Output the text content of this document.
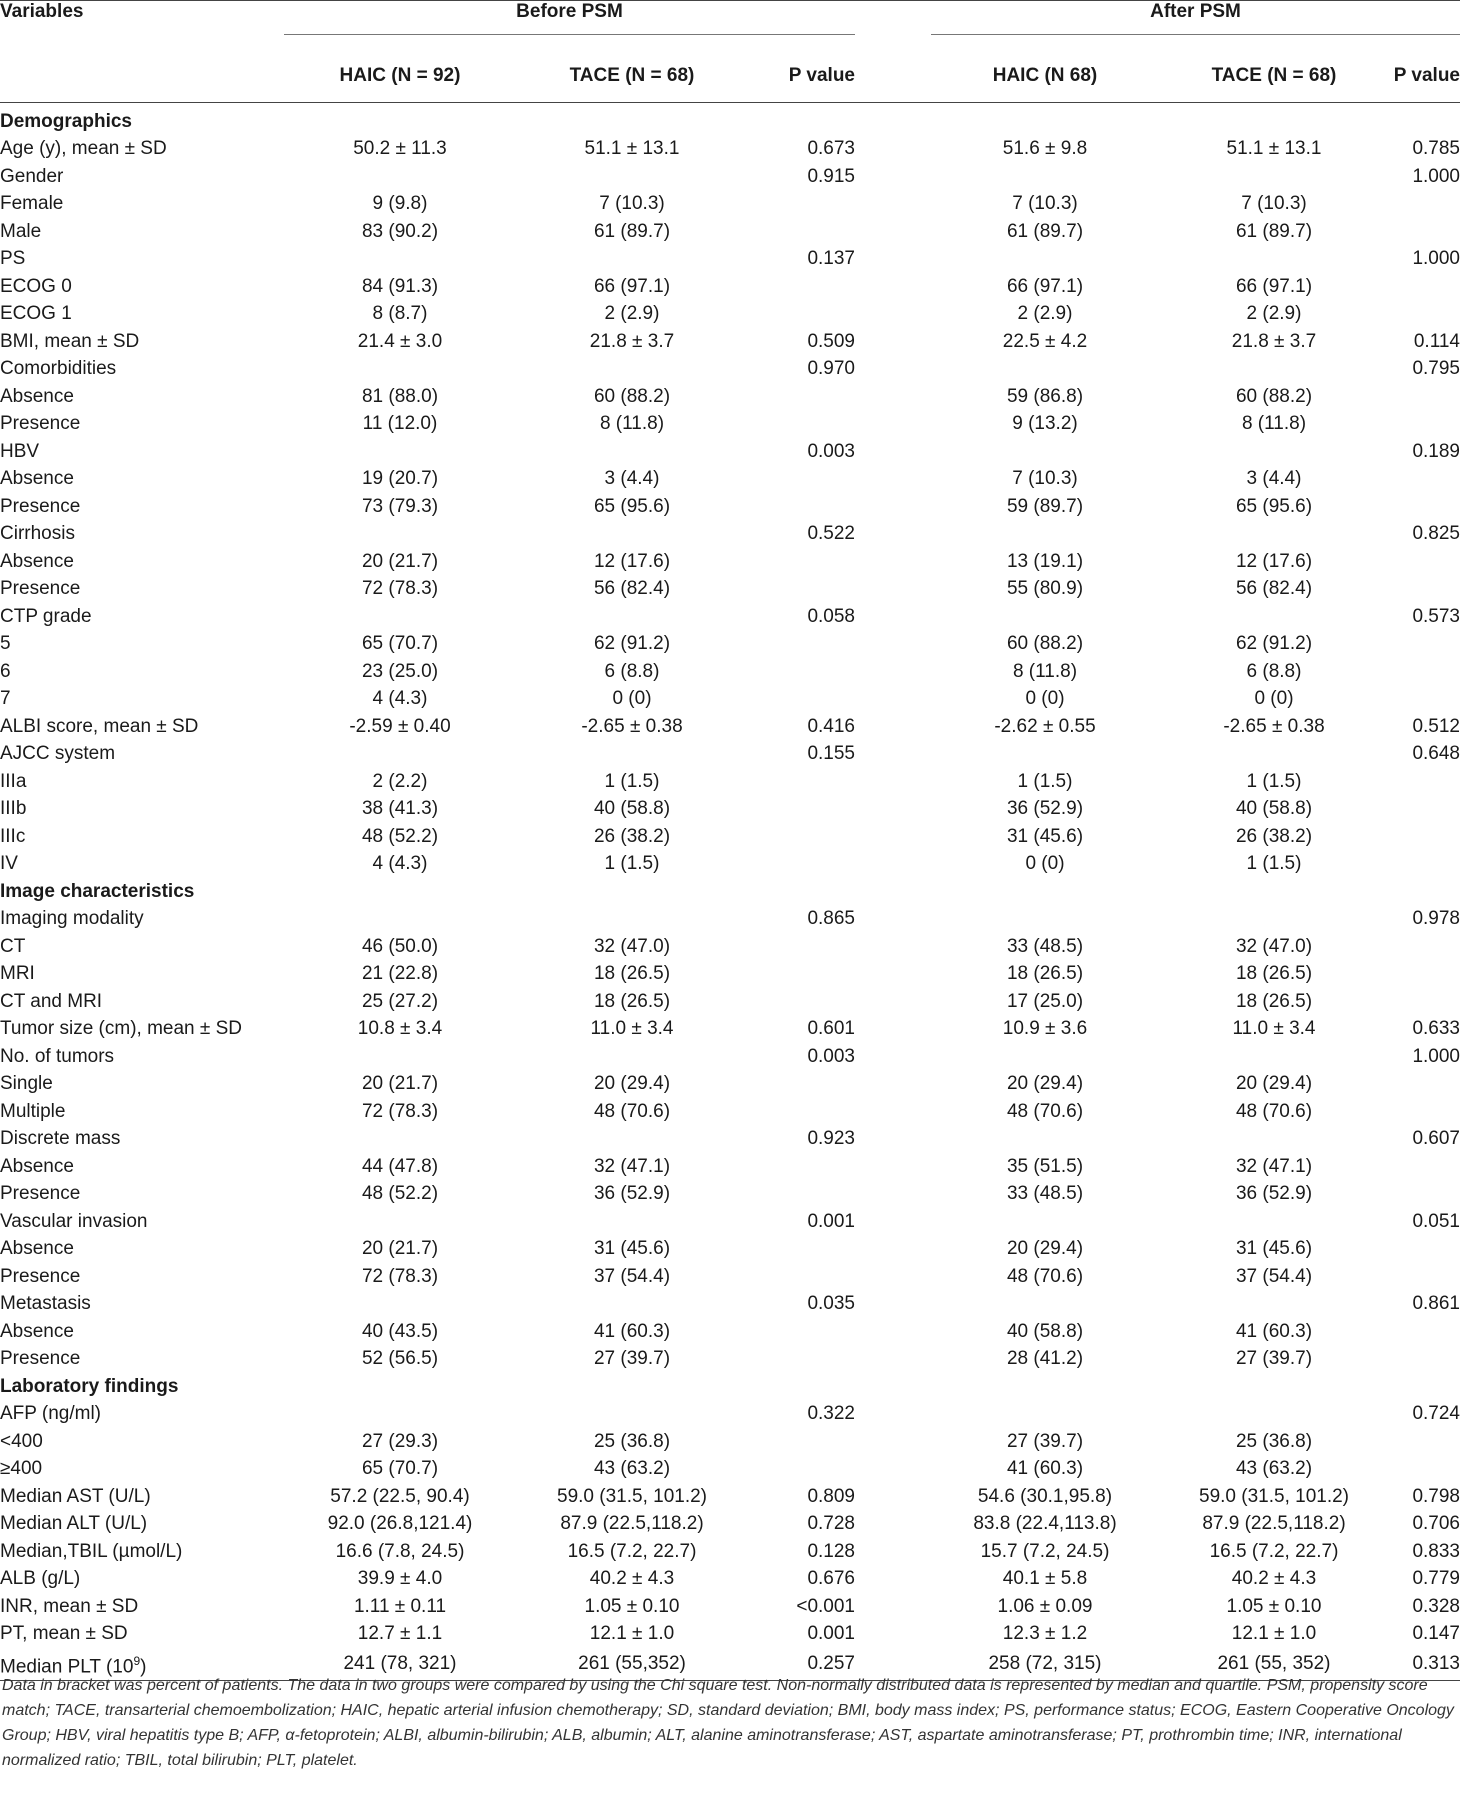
Variables	Before PSM				After PSM		

	HAIC (N = 92)	TACE (N = 68)	P value		HAIC (N 68)	TACE (N = 68)	P value

Demographics							
Age (y), mean ± SD	50.2 ± 11.3	51.1 ± 13.1	0.673		51.6 ± 9.8	51.1 ± 13.1	0.785
Gender			0.915				1.000
Female	9 (9.8)	7 (10.3)			7 (10.3)	7 (10.3)	
Male	83 (90.2)	61 (89.7)			61 (89.7)	61 (89.7)	
PS			0.137				1.000
ECOG 0	84 (91.3)	66 (97.1)			66 (97.1)	66 (97.1)	
ECOG 1	8 (8.7)	2 (2.9)			2 (2.9)	2 (2.9)	
BMI, mean ± SD	21.4 ± 3.0	21.8 ± 3.7	0.509		22.5 ± 4.2	21.8 ± 3.7	0.114
Comorbidities			0.970				0.795
Absence	81 (88.0)	60 (88.2)			59 (86.8)	60 (88.2)	
Presence	11 (12.0)	8 (11.8)			9 (13.2)	8 (11.8)	
HBV			0.003				0.189
Absence	19 (20.7)	3 (4.4)			7 (10.3)	3 (4.4)	
Presence	73 (79.3)	65 (95.6)			59 (89.7)	65 (95.6)	
Cirrhosis			0.522				0.825
Absence	20 (21.7)	12 (17.6)			13 (19.1)	12 (17.6)	
Presence	72 (78.3)	56 (82.4)			55 (80.9)	56 (82.4)	
CTP grade			0.058				0.573
5	65 (70.7)	62 (91.2)			60 (88.2)	62 (91.2)	
6	23 (25.0)	6 (8.8)			8 (11.8)	6 (8.8)	
7	4 (4.3)	0 (0)			0 (0)	0 (0)	
ALBI score, mean ± SD	-2.59 ± 0.40	-2.65 ± 0.38	0.416		-2.62 ± 0.55	-2.65 ± 0.38	0.512
AJCC system			0.155				0.648
IIIa	2 (2.2)	1 (1.5)			1 (1.5)	1 (1.5)	
IIIb	38 (41.3)	40 (58.8)			36 (52.9)	40 (58.8)	
IIIc	48 (52.2)	26 (38.2)			31 (45.6)	26 (38.2)	
IV	4 (4.3)	1 (1.5)			0 (0)	1 (1.5)	
Image characteristics							
Imaging modality			0.865				0.978
CT	46 (50.0)	32 (47.0)			33 (48.5)	32 (47.0)	
MRI	21 (22.8)	18 (26.5)			18 (26.5)	18 (26.5)	
CT and MRI	25 (27.2)	18 (26.5)			17 (25.0)	18 (26.5)	
Tumor size (cm), mean ± SD	10.8 ± 3.4	11.0 ± 3.4	0.601		10.9 ± 3.6	11.0 ± 3.4	0.633
No. of tumors			0.003				1.000
Single	20 (21.7)	20 (29.4)			20 (29.4)	20 (29.4)	
Multiple	72 (78.3)	48 (70.6)			48 (70.6)	48 (70.6)	
Discrete mass			0.923				0.607
Absence	44 (47.8)	32 (47.1)			35 (51.5)	32 (47.1)	
Presence	48 (52.2)	36 (52.9)			33 (48.5)	36 (52.9)	
Vascular invasion			0.001				0.051
Absence	20 (21.7)	31 (45.6)			20 (29.4)	31 (45.6)	
Presence	72 (78.3)	37 (54.4)			48 (70.6)	37 (54.4)	
Metastasis			0.035				0.861
Absence	40 (43.5)	41 (60.3)			40 (58.8)	41 (60.3)	
Presence	52 (56.5)	27 (39.7)			28 (41.2)	27 (39.7)	
Laboratory findings							
AFP (ng/ml)			0.322				0.724
<400	27 (29.3)	25 (36.8)			27 (39.7)	25 (36.8)	
≥400	65 (70.7)	43 (63.2)			41 (60.3)	43 (63.2)	
Median AST (U/L)	57.2 (22.5, 90.4)	59.0 (31.5, 101.2)	0.809		54.6 (30.1,95.8)	59.0 (31.5, 101.2)	0.798
Median ALT (U/L)	92.0 (26.8,121.4)	87.9 (22.5,118.2)	0.728		83.8 (22.4,113.8)	87.9 (22.5,118.2)	0.706
Median,TBIL (µmol/L)	16.6 (7.8, 24.5)	16.5 (7.2, 22.7)	0.128		15.7 (7.2, 24.5)	16.5 (7.2, 22.7)	0.833
ALB (g/L)	39.9 ± 4.0	40.2 ± 4.3	0.676		40.1 ± 5.8	40.2 ± 4.3	0.779
INR, mean ± SD	1.11 ± 0.11	1.05 ± 0.10	<0.001		1.06 ± 0.09	1.05 ± 0.10	0.328
PT, mean ± SD	12.7 ± 1.1	12.1 ± 1.0	0.001		12.3 ± 1.2	12.1 ± 1.0	0.147
Median PLT $(10^9)$	241 (78, 321)	261 (55,352)	0.257		258 (72, 315)	261 (55, 352)	0.313

Data in bracket was percent of patients. The data in two groups were compared by using the Chi square test. Non-normally distributed data is represented by median and quartile. PSM, propensity score match; TACE, transarterial chemoembolization; HAIC, hepatic arterial infusion chemotherapy; SD, standard deviation; BMI, body mass index; PS, performance status; ECOG, Eastern Cooperative Oncology Group; HBV, viral hepatitis type B; AFP, α-fetoprotein; ALBI, albumin-bilirubin; ALB, albumin; ALT, alanine aminotransferase; AST, aspartate aminotransferase; PT, prothrombin time; INR, international normalized ratio; TBIL, total bilirubin; PLT, platelet.
